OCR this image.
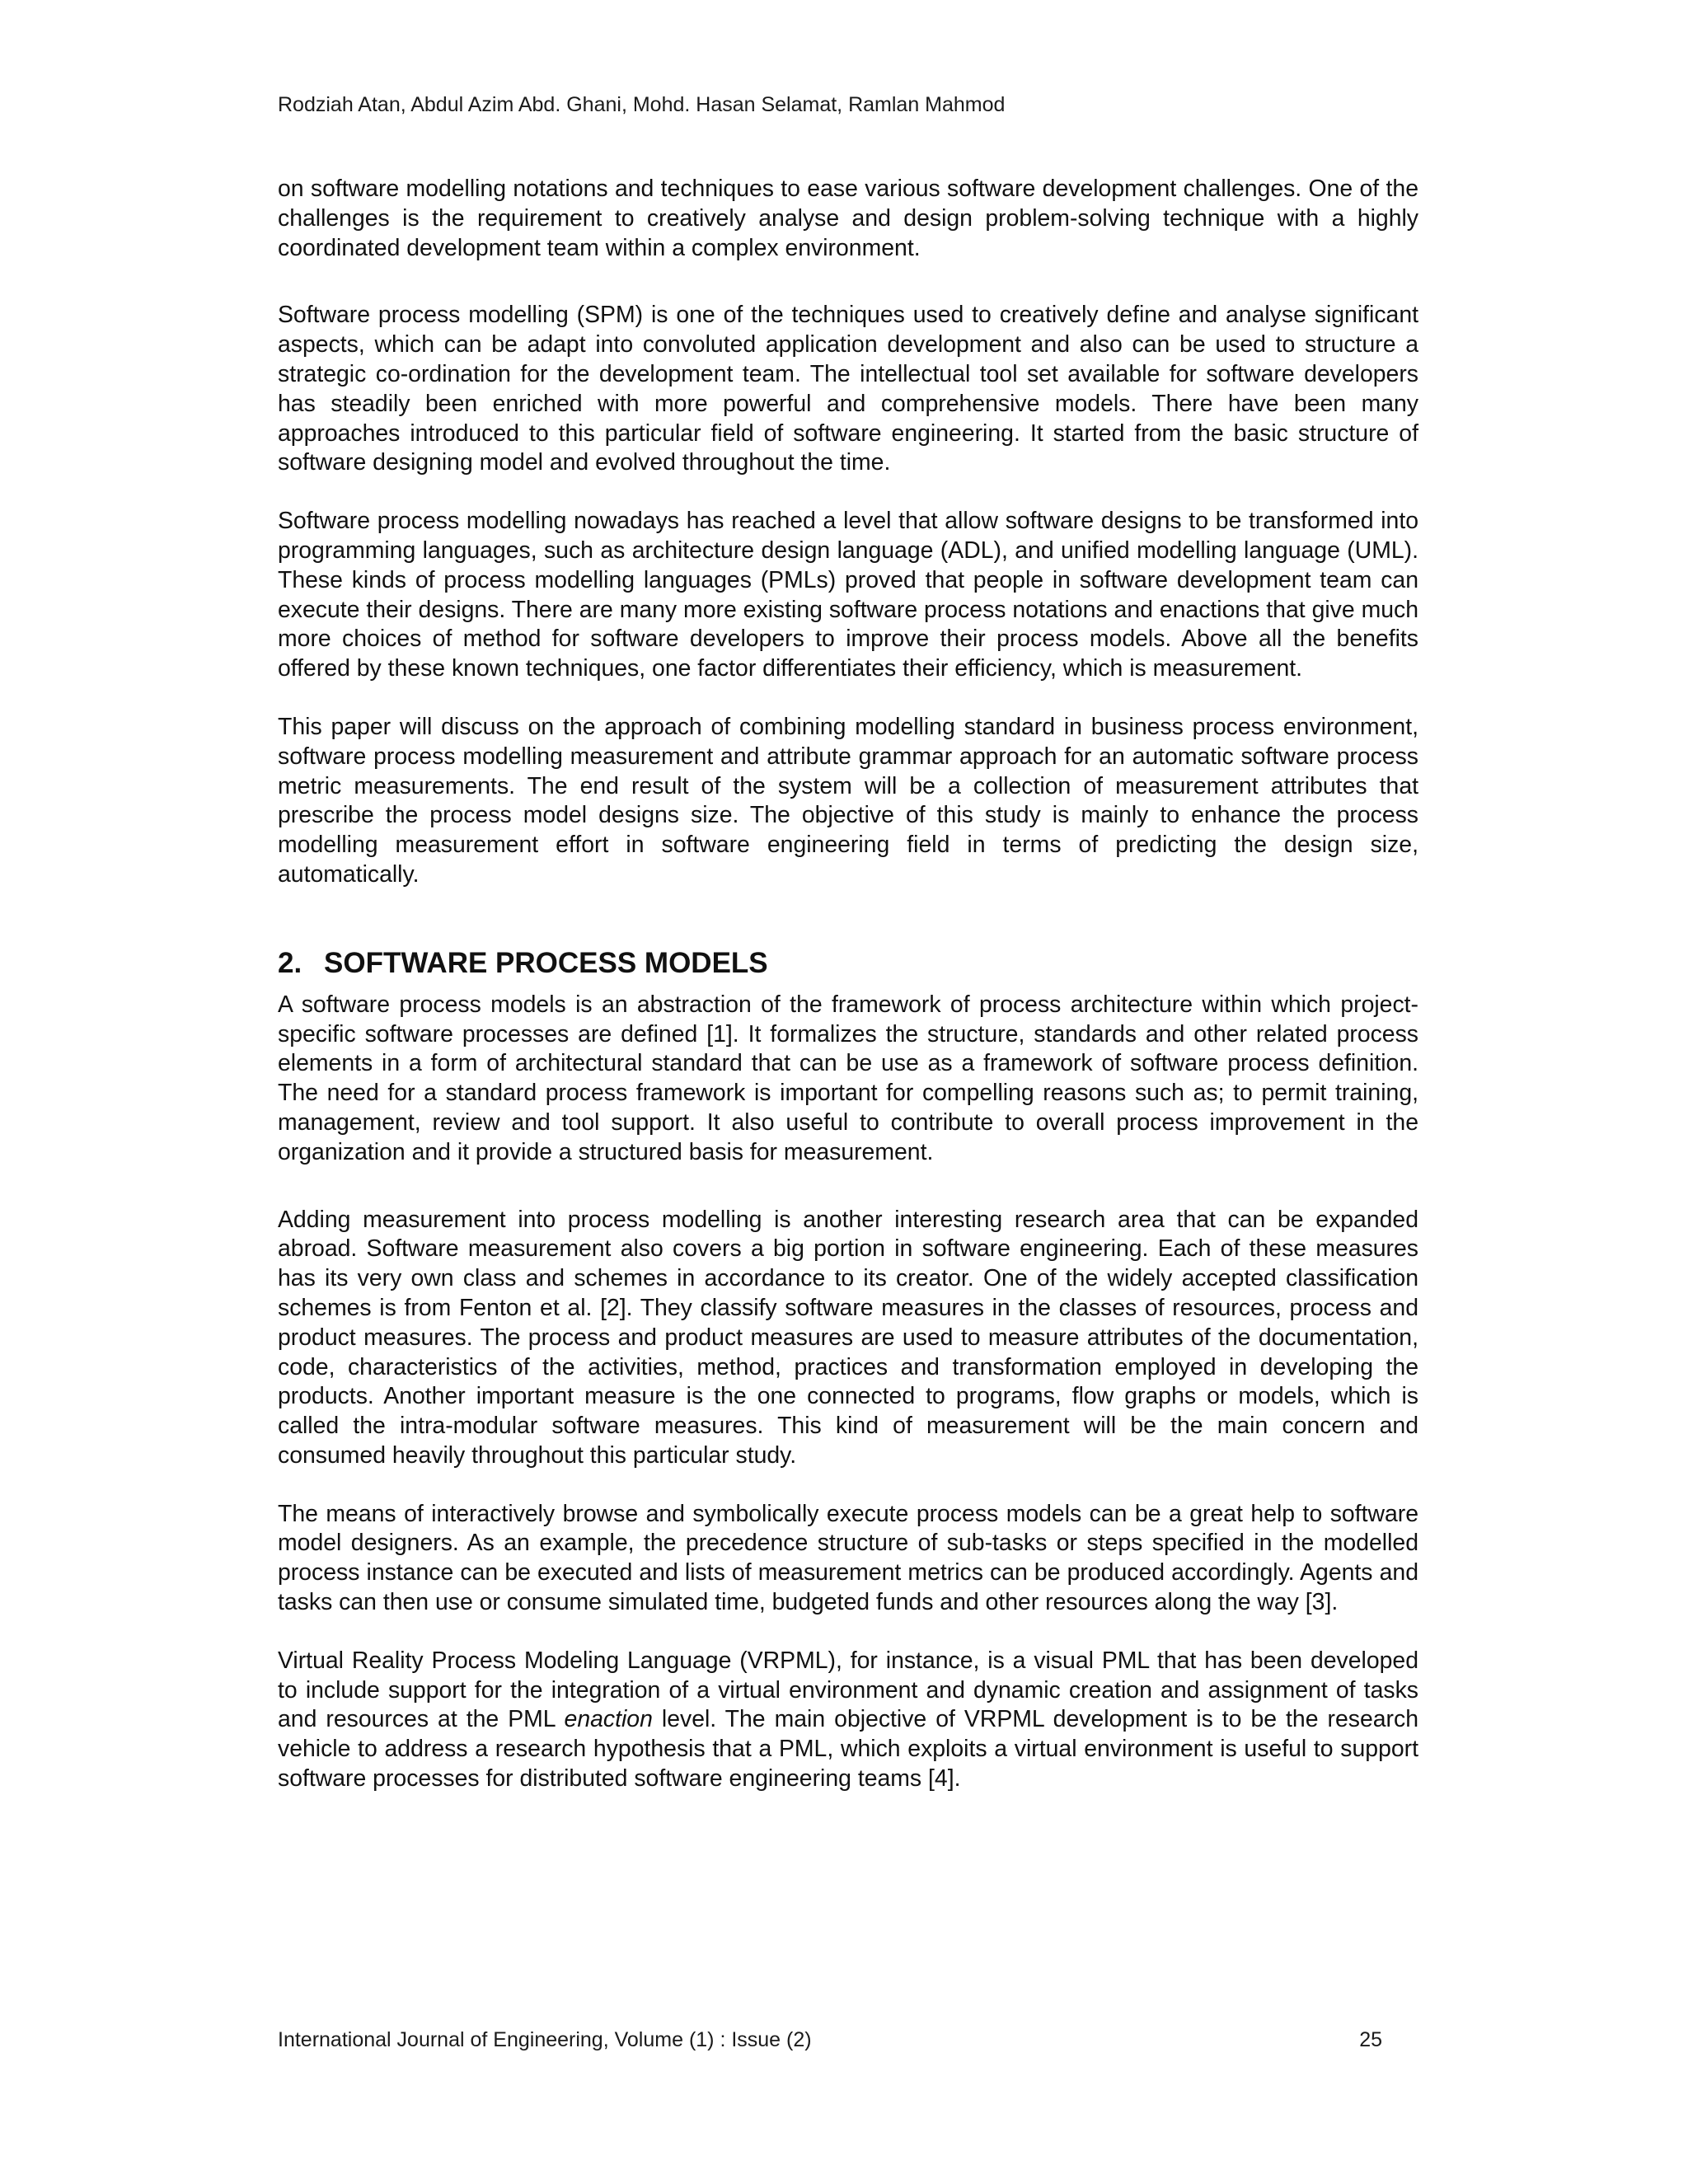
Rodziah Atan, Abdul Azim Abd. Ghani, Mohd. Hasan Selamat, Ramlan Mahmod

on software modelling notations and techniques to ease various software development challenges. One of the challenges is the requirement to creatively analyse and design problem-solving technique with a highly coordinated development team within a complex environment.

Software process modelling (SPM) is one of the techniques used to creatively define and analyse significant aspects, which can be adapt into convoluted application development and also can be used to structure a strategic co-ordination for the development team. The intellectual tool set available for software developers has steadily been enriched with more powerful and comprehensive models. There have been many approaches introduced to this particular field of software engineering. It started from the basic structure of software designing model and evolved throughout the time.

Software process modelling nowadays has reached a level that allow software designs to be transformed into programming languages, such as architecture design language (ADL), and unified modelling language (UML). These kinds of process modelling languages (PMLs) proved that people in software development team can execute their designs. There are many more existing software process notations and enactions that give much more choices of method for software developers to improve their process models. Above all the benefits offered by these known techniques, one factor differentiates their efficiency, which is measurement.

This paper will discuss on the approach of combining modelling standard in business process environment, software process modelling measurement and attribute grammar approach for an automatic software process metric measurements. The end result of the system will be a collection of measurement attributes that prescribe the process model designs size. The objective of this study is mainly to enhance the process modelling measurement effort in software engineering field in terms of predicting the design size, automatically.

2. SOFTWARE PROCESS MODELS

A software process models is an abstraction of the framework of process architecture within which project-specific software processes are defined [1]. It formalizes the structure, standards and other related process elements in a form of architectural standard that can be use as a framework of software process definition. The need for a standard process framework is important for compelling reasons such as; to permit training, management, review and tool support. It also useful to contribute to overall process improvement in the organization and it provide a structured basis for measurement.

Adding measurement into process modelling is another interesting research area that can be expanded abroad. Software measurement also covers a big portion in software engineering. Each of these measures has its very own class and schemes in accordance to its creator. One of the widely accepted classification schemes is from Fenton et al. [2]. They classify software measures in the classes of resources, process and product measures. The process and product measures are used to measure attributes of the documentation, code, characteristics of the activities, method, practices and transformation employed in developing the products. Another important measure is the one connected to programs, flow graphs or models, which is called the intra-modular software measures. This kind of measurement will be the main concern and consumed heavily throughout this particular study.

The means of interactively browse and symbolically execute process models can be a great help to software model designers. As an example, the precedence structure of sub-tasks or steps specified in the modelled process instance can be executed and lists of measurement metrics can be produced accordingly. Agents and tasks can then use or consume simulated time, budgeted funds and other resources along the way [3].

Virtual Reality Process Modeling Language (VRPML), for instance, is a visual PML that has been developed to include support for the integration of a virtual environment and dynamic creation and assignment of tasks and resources at the PML enaction level. The main objective of VRPML development is to be the research vehicle to address a research hypothesis that a PML, which exploits a virtual environment is useful to support software processes for distributed software engineering teams [4].

International Journal of Engineering, Volume (1) : Issue (2)	25
